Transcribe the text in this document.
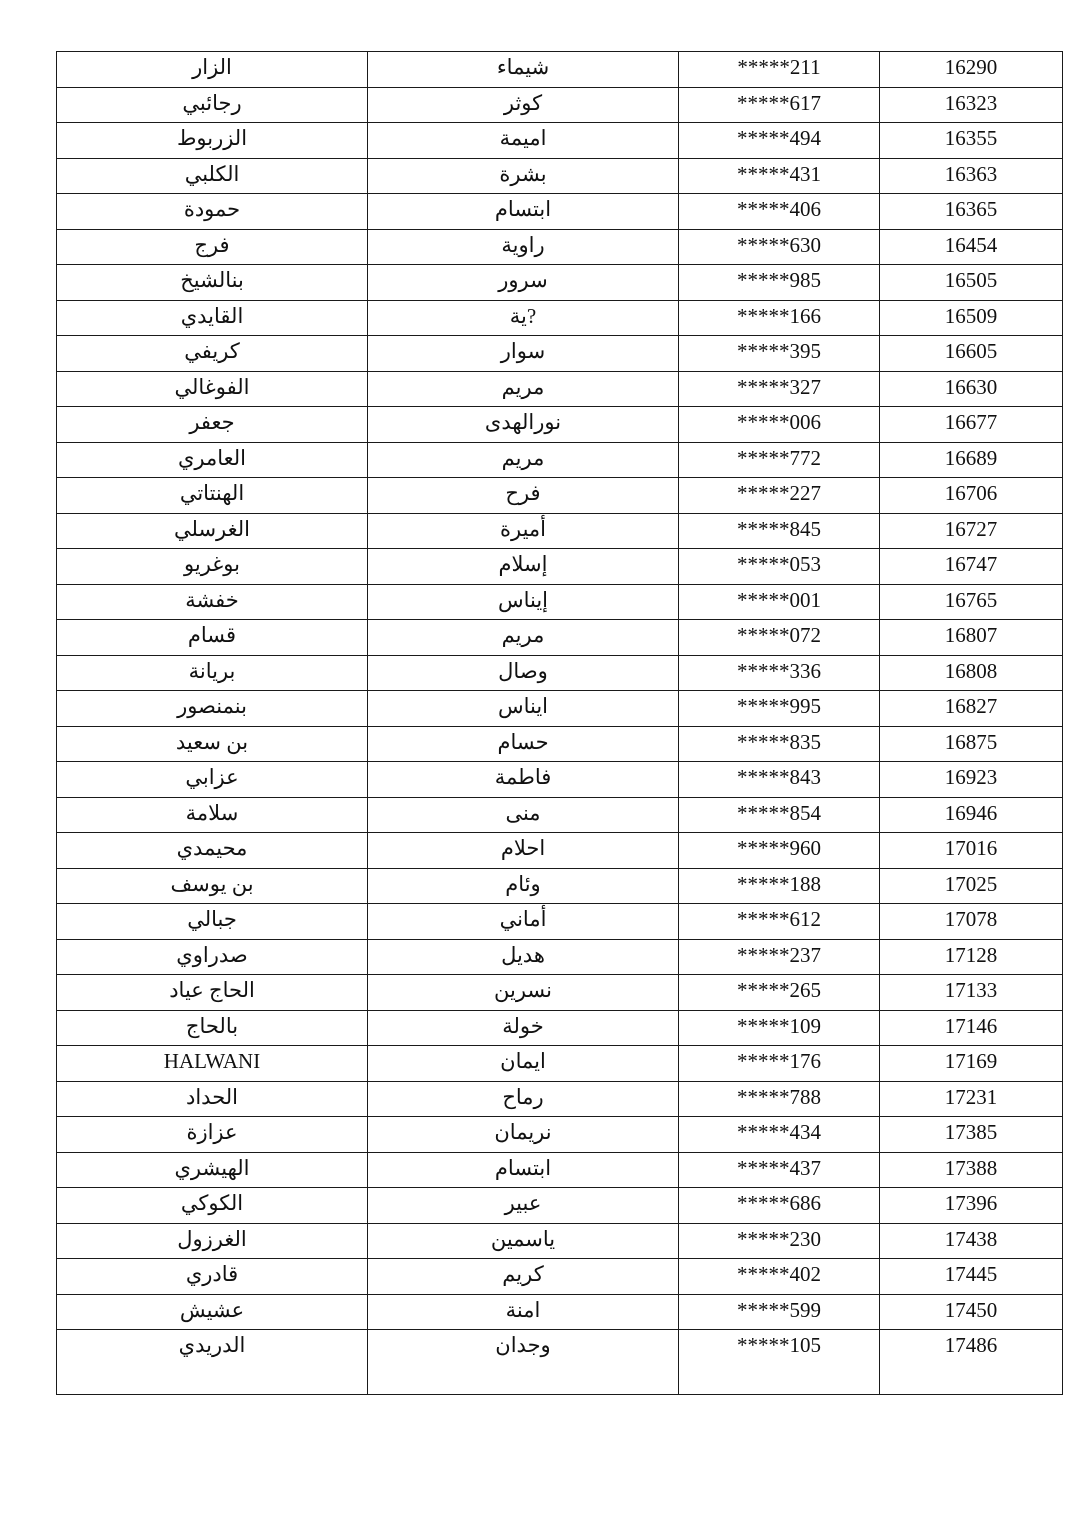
الزار	شيماء	*****211	16290
رجائبي	كوثر	*****617	16323
الزربوط	اميمة	*****494	16355
الكلبي	بشرة	*****431	16363
حمودة	ابتسام	*****406	16365
فرج	راوية	*****630	16454
بنالشيخ	سرور	*****985	16505
القايدي	?ية	*****166	16509
كريفي	سوار	*****395	16605
الفوغالي	مريم	*****327	16630
جعفر	نورالهدى	*****006	16677
العامري	مريم	*****772	16689
الهنتاتي	فرح	*****227	16706
الغرسلي	أميرة	*****845	16727
بوغريو	إسلام	*****053	16747
خفشة	إيناس	*****001	16765
قسام	مريم	*****072	16807
بريانة	وصال	*****336	16808
بنمنصور	ايناس	*****995	16827
بن سعيد	حسام	*****835	16875
عزابي	فاطمة	*****843	16923
سلامة	منى	*****854	16946
محيمدي	احلام	*****960	17016
بن يوسف	وئام	*****188	17025
جبالي	أماني	*****612	17078
صدراوي	هديل	*****237	17128
الحاج عياد	نسرين	*****265	17133
بالحاج	خولة	*****109	17146
HALWANI	ايمان	*****176	17169
الحداد	رماح	*****788	17231
عزازة	نريمان	*****434	17385
الهيشري	ابتسام	*****437	17388
الكوكي	عبير	*****686	17396
الغرزول	ياسمين	*****230	17438
قادري	كريم	*****402	17445
عشيش	امنة	*****599	17450
الدريدي	وجدان	*****105	17486
